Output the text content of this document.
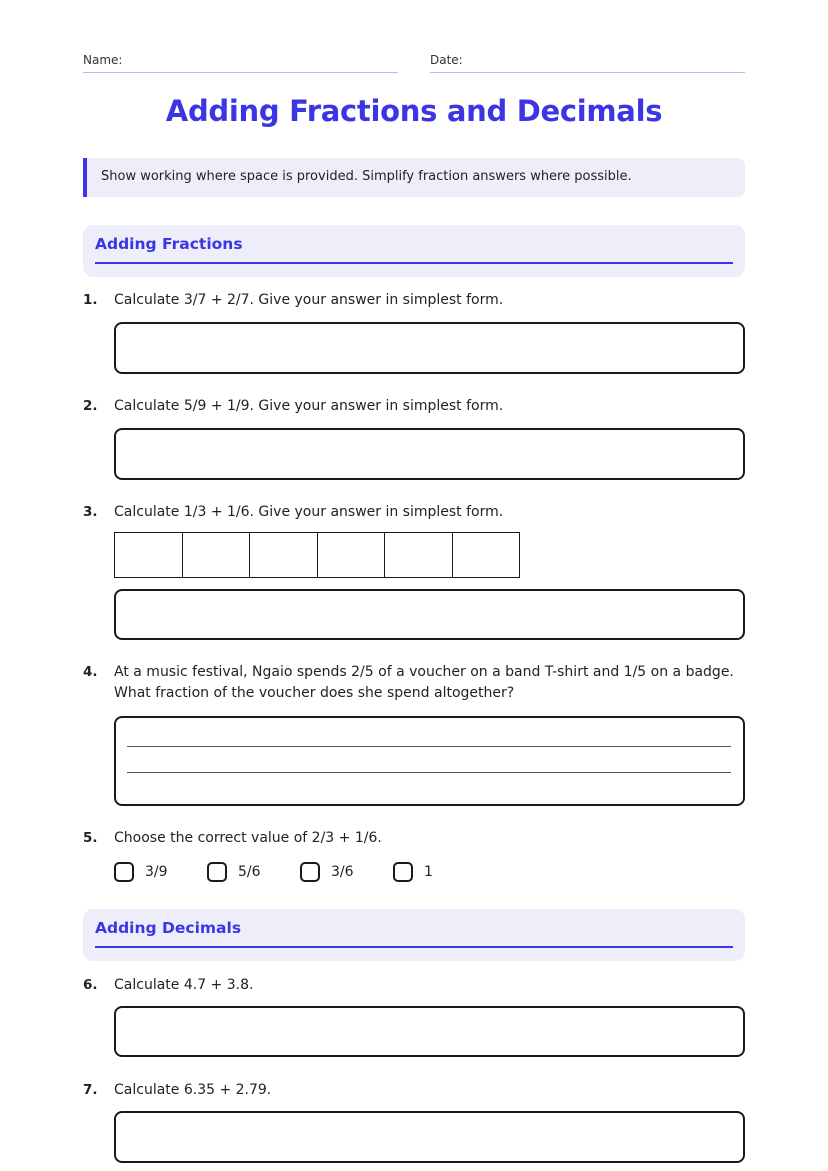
Name:	Date:
Adding Fractions and Decimals
Show working where space is provided. Simplify fraction answers where possible.
Adding Fractions
1. Calculate 3/7 + 2/7. Give your answer in simplest form.
2. Calculate 5/9 + 1/9. Give your answer in simplest form.
3. Calculate 1/3 + 1/6. Give your answer in simplest form.
4. At a music festival, Ngaio spends 2/5 of a voucher on a band T-shirt and 1/5 on a badge. What fraction of the voucher does she spend altogether?
5. Choose the correct value of 2/3 + 1/6.
3/9	5/6	3/6	1
Adding Decimals
6. Calculate 4.7 + 3.8.
7. Calculate 6.35 + 2.79.
